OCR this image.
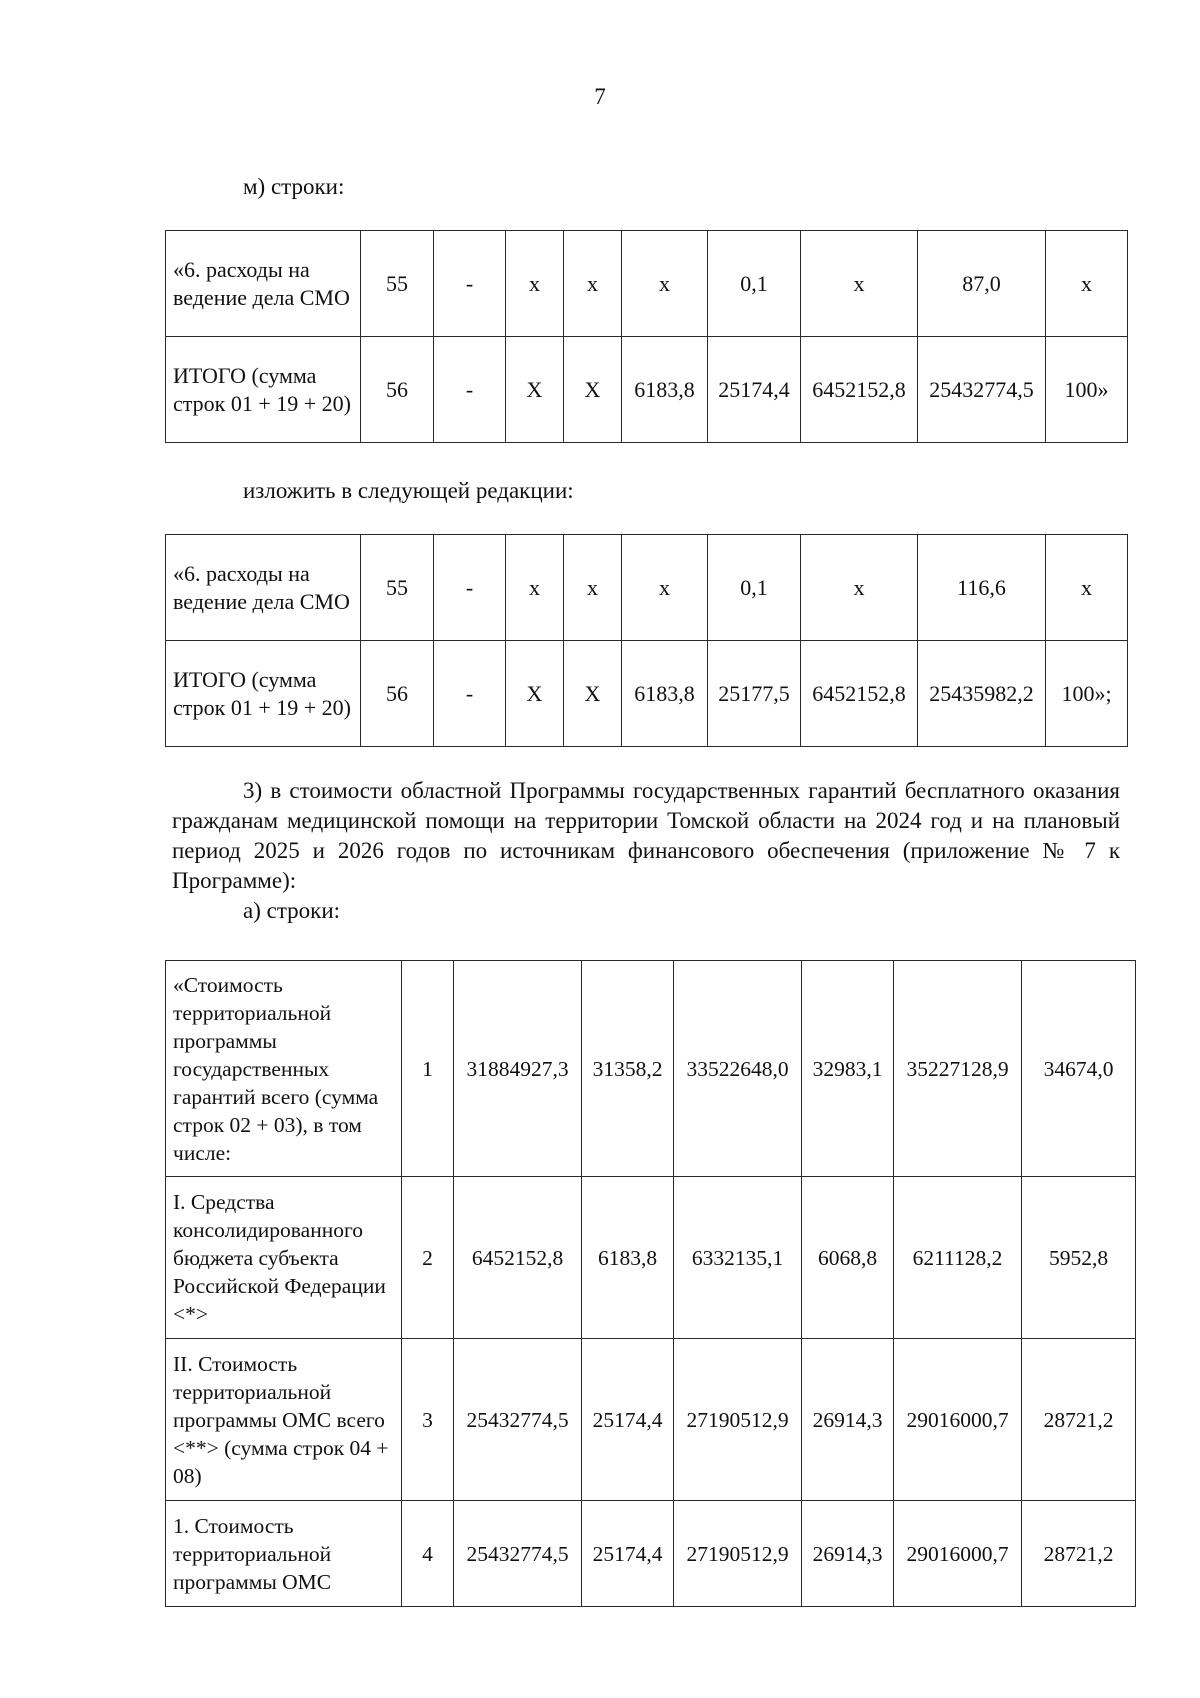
7
м) строки:
«6. расходы на ведение дела СМО	55	-	х	х	х	0,1	х	87,0	х
ИТОГО (сумма строк 01 + 19 + 20)	56	-	Х	Х	6183,8	25174,4	6452152,8	25432774,5	100»
изложить в следующей редакции:
«6. расходы на ведение дела СМО	55	-	х	х	х	0,1	х	116,6	х
ИТОГО (сумма строк 01 + 19 + 20)	56	-	Х	Х	6183,8	25177,5	6452152,8	25435982,2	100»;
3) в стоимости областной Программы государственных гарантий бесплатного оказания гражданам медицинской помощи на территории Томской области на 2024 год и на плановый период 2025 и 2026 годов по источникам финансового обеспечения (приложение № 7 к Программе):
а) строки:
«Стоимость территориальной программы государственных гарантий всего (сумма строк 02 + 03), в том числе:	1	31884927,3	31358,2	33522648,0	32983,1	35227128,9	34674,0
I. Средства консолидированного бюджета субъекта Российской Федерации <*>	2	6452152,8	6183,8	6332135,1	6068,8	6211128,2	5952,8
II. Стоимость территориальной программы ОМС всего <**> (сумма строк 04 + 08)	3	25432774,5	25174,4	27190512,9	26914,3	29016000,7	28721,2
1. Стоимость территориальной программы ОМС	4	25432774,5	25174,4	27190512,9	26914,3	29016000,7	28721,2
